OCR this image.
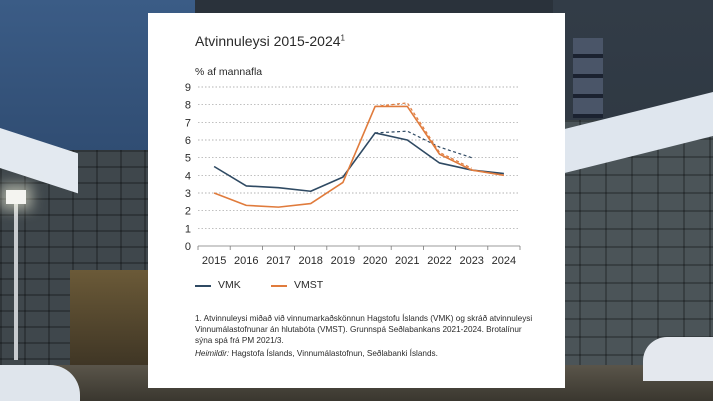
Atvinnuleysi 2015-2024$^1$
% af mannafla
0
1
2
3
4
5
6
7
8
9
2015 2016 2017 2018 2019 2020 2021 2022 2023 2024
VMK	VMST
1. Atvinnuleysi miðað við vinnumarkaðskönnun Hagstofu Íslands (VMK) og skráð atvinnuleysi Vinnumálastofnunar án hlutabóta (VMST). Grunnspá Seðlabankans 2021-2024. Brotalínur sýna spá frá PM 2021/3.
Heimildir: Hagstofa Íslands, Vinnumálastofnun, Seðlabanki Íslands.
